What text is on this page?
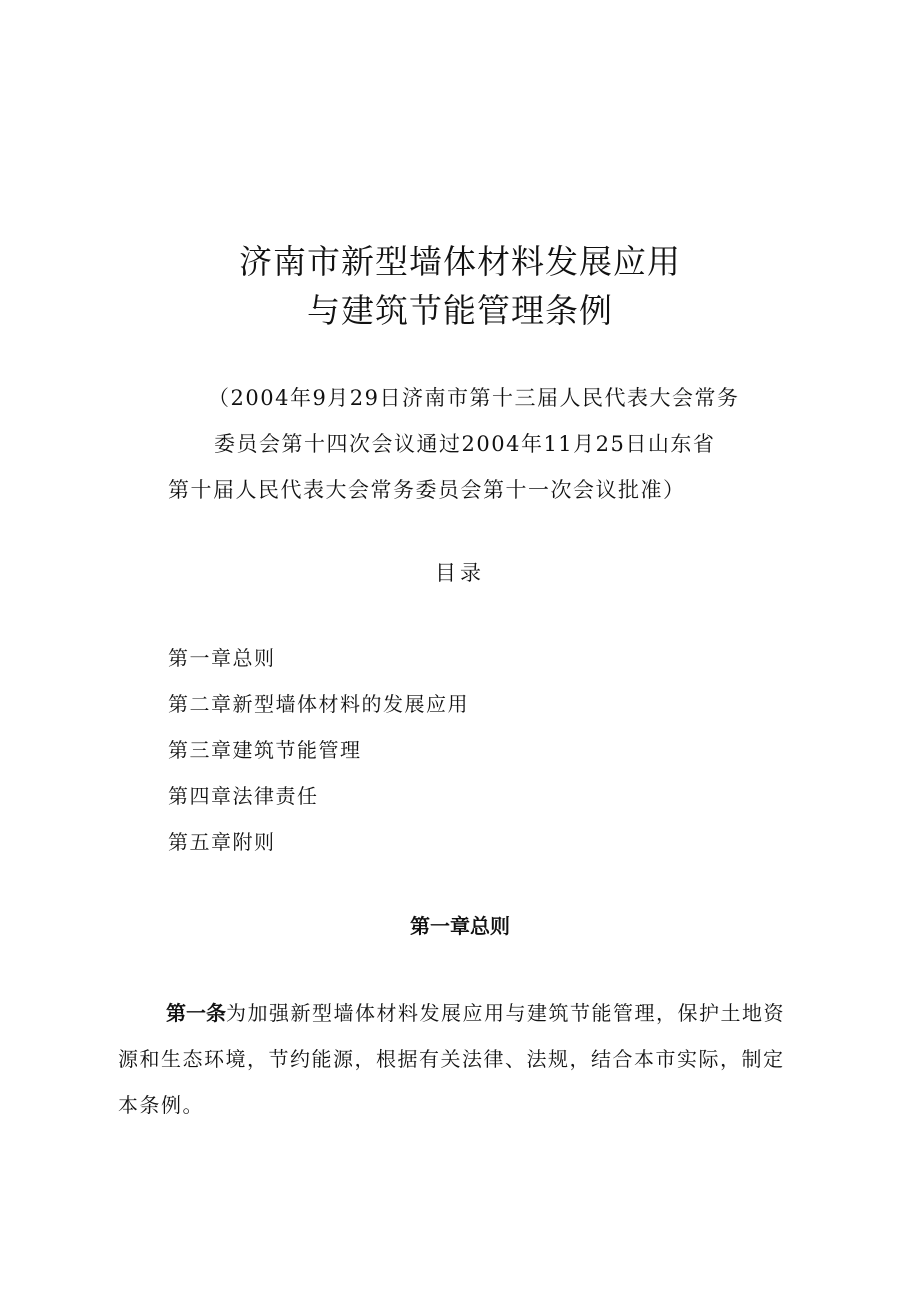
济南市新型墙体材料发展应用
与建筑节能管理条例
（2004年9月29日济南市第十三届人民代表大会常务
委员会第十四次会议通过2004年11月25日山东省
第十届人民代表大会常务委员会第十一次会议批准）
目录
第一章总则
第二章新型墙体材料的发展应用
第三章建筑节能管理
第四章法律责任
第五章附则
第一章总则
第一条为加强新型墙体材料发展应用与建筑节能管理，保护土地资源和生态环境，节约能源，根据有关法律、法规，结合本市实际，制定本条例。
